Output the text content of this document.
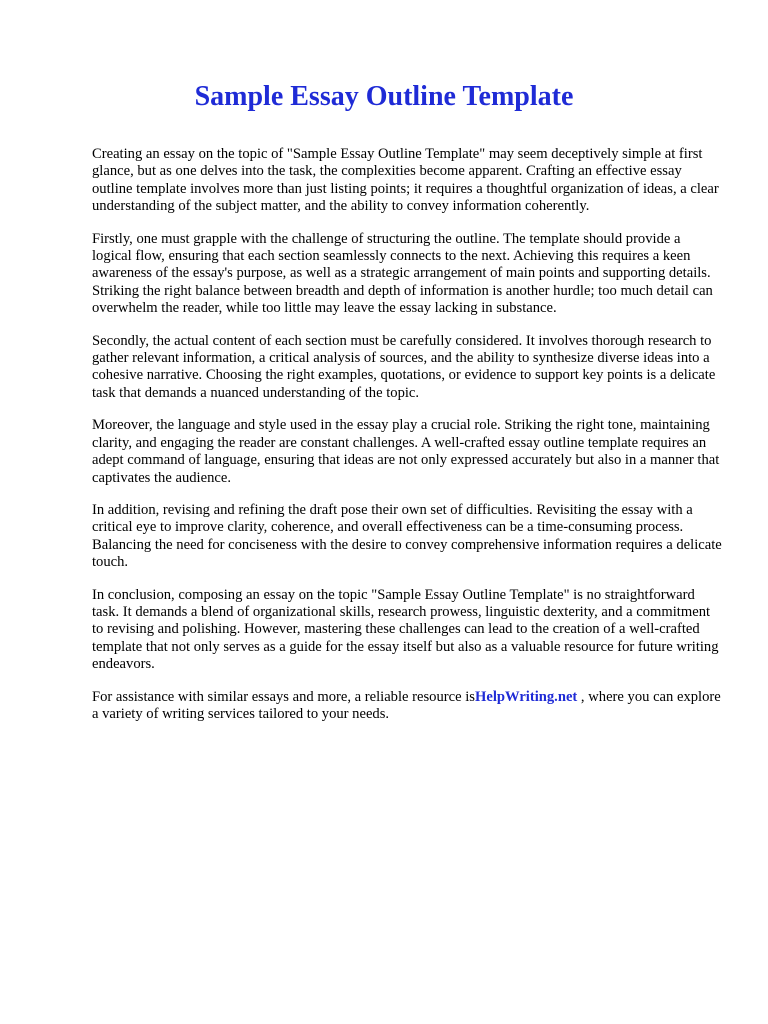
Sample Essay Outline Template

Creating an essay on the topic of "Sample Essay Outline Template" may seem deceptively simple at first glance, but as one delves into the task, the complexities become apparent. Crafting an effective essay outline template involves more than just listing points; it requires a thoughtful organization of ideas, a clear understanding of the subject matter, and the ability to convey information coherently.

Firstly, one must grapple with the challenge of structuring the outline. The template should provide a logical flow, ensuring that each section seamlessly connects to the next. Achieving this requires a keen awareness of the essay's purpose, as well as a strategic arrangement of main points and supporting details. Striking the right balance between breadth and depth of information is another hurdle; too much detail can overwhelm the reader, while too little may leave the essay lacking in substance.

Secondly, the actual content of each section must be carefully considered. It involves thorough research to gather relevant information, a critical analysis of sources, and the ability to synthesize diverse ideas into a cohesive narrative. Choosing the right examples, quotations, or evidence to support key points is a delicate task that demands a nuanced understanding of the topic.

Moreover, the language and style used in the essay play a crucial role. Striking the right tone, maintaining clarity, and engaging the reader are constant challenges. A well-crafted essay outline template requires an adept command of language, ensuring that ideas are not only expressed accurately but also in a manner that captivates the audience.

In addition, revising and refining the draft pose their own set of difficulties. Revisiting the essay with a critical eye to improve clarity, coherence, and overall effectiveness can be a time-consuming process. Balancing the need for conciseness with the desire to convey comprehensive information requires a delicate touch.

In conclusion, composing an essay on the topic "Sample Essay Outline Template" is no straightforward task. It demands a blend of organizational skills, research prowess, linguistic dexterity, and a commitment to revising and polishing. However, mastering these challenges can lead to the creation of a well-crafted template that not only serves as a guide for the essay itself but also as a valuable resource for future writing endeavors.

For assistance with similar essays and more, a reliable resource isHelpWriting.net , where you can explore a variety of writing services tailored to your needs.
